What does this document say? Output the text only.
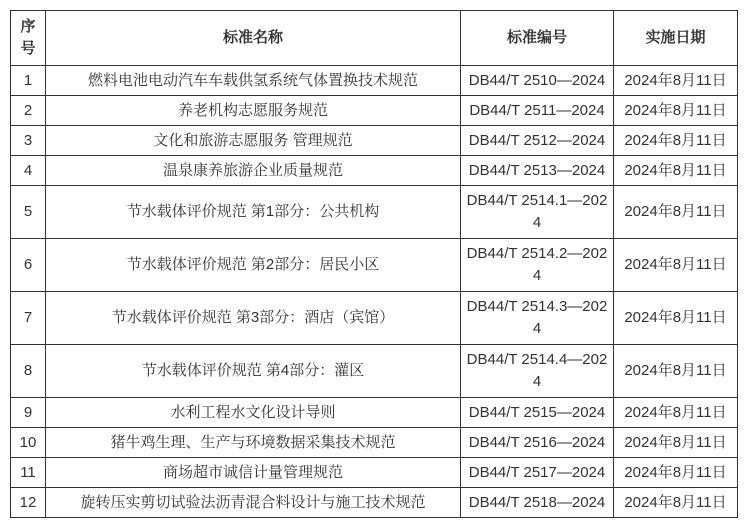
序号	标准名称	标准编号	实施日期
1	燃料电池电动汽车车载供氢系统气体置换技术规范	DB44/T 2510—2024	2024年8月11日
2	养老机构志愿服务规范	DB44/T 2511—2024	2024年8月11日
3	文化和旅游志愿服务 管理规范	DB44/T 2512—2024	2024年8月11日
4	温泉康养旅游企业质量规范	DB44/T 2513—2024	2024年8月11日
5	节水载体评价规范 第1部分：公共机构	DB44/T 2514.1—2024	2024年8月11日
6	节水载体评价规范 第2部分：居民小区	DB44/T 2514.2—2024	2024年8月11日
7	节水载体评价规范 第3部分：酒店（宾馆）	DB44/T 2514.3—2024	2024年8月11日
8	节水载体评价规范 第4部分：灌区	DB44/T 2514.4—2024	2024年8月11日
9	水利工程水文化设计导则	DB44/T 2515—2024	2024年8月11日
10	猪牛鸡生理、生产与环境数据采集技术规范	DB44/T 2516—2024	2024年8月11日
11	商场超市诚信计量管理规范	DB44/T 2517—2024	2024年8月11日
12	旋转压实剪切试验法沥青混合料设计与施工技术规范	DB44/T 2518—2024	2024年8月11日
